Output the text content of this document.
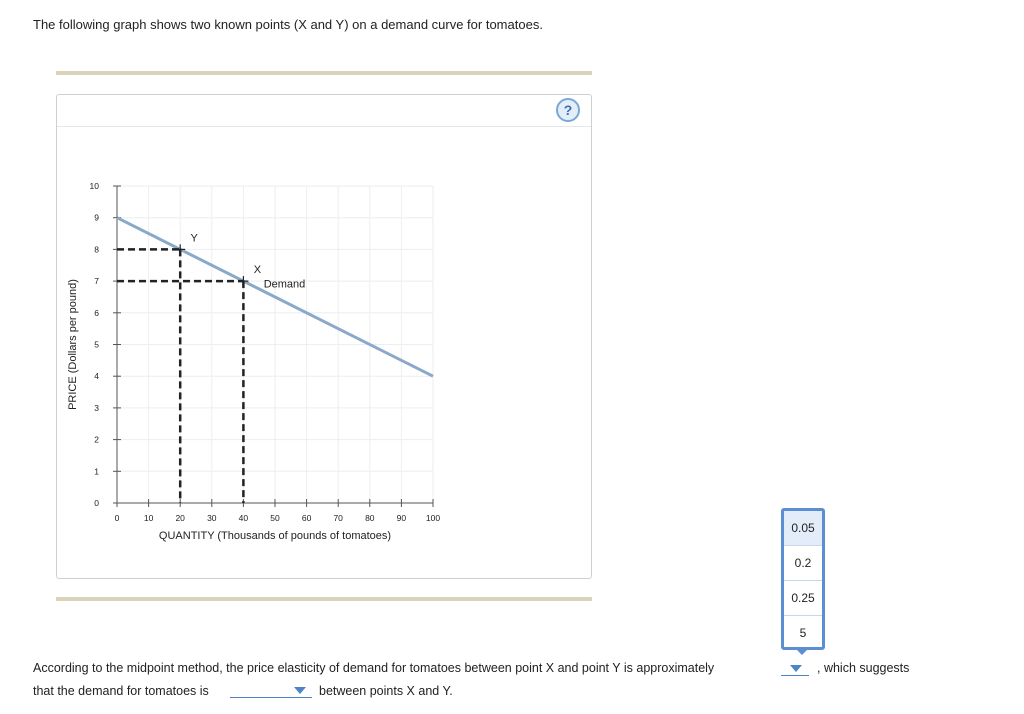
The following graph shows two known points (X and Y) on a demand curve for tomatoes.
?
0
1
2
3
4
5
6
7
8
9
10
0	10	20	30	40	50	60	70	80	90 100
QUANTITY (Thousands of pounds of tomatoes)
PRICE (Dollars per pound)
Y
X
Demand
0.05
0.2
0.25
5
According to the midpoint method, the price elasticity of demand for tomatoes between point X and point Y is approximately	, which suggests
that the demand for tomatoes is	between points X and Y.
